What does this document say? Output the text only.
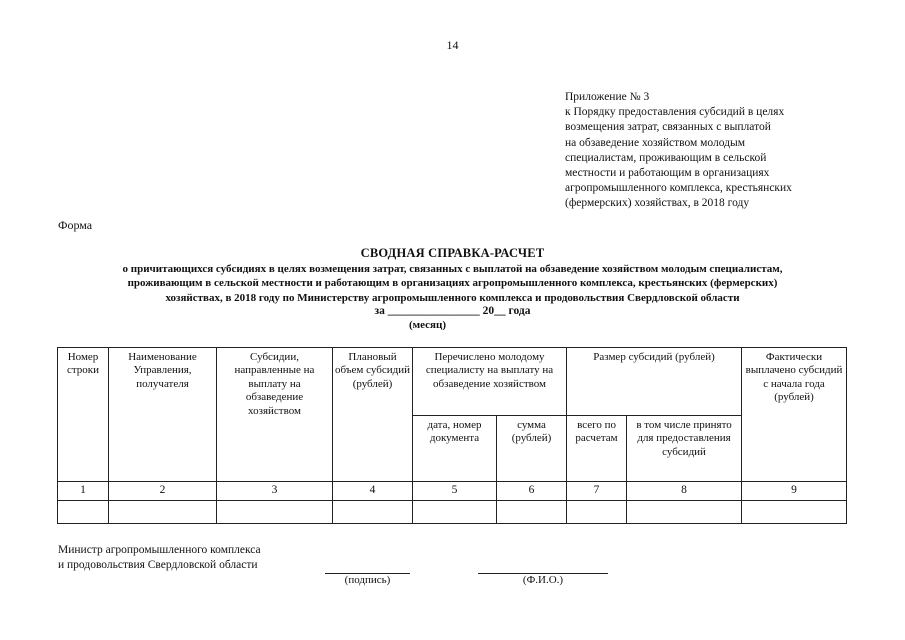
14
Приложение № 3
к Порядку предоставления субсидий в целях
возмещения затрат, связанных с выплатой
на обзаведение хозяйством молодым
специалистам, проживающим в сельской
местности и работающим в организациях
агропромышленного комплекса, крестьянских
(фермерских) хозяйствах, в 2018 году
Форма
СВОДНАЯ СПРАВКА-РАСЧЕТ
о причитающихся субсидиях в целях возмещения затрат, связанных с выплатой на обзаведение хозяйством молодым специалистам,
проживающим в сельской местности и работающим в организациях агропромышленного комплекса, крестьянских (фермерских)
хозяйствах, в 2018 году по Министерству агропромышленного комплекса и продовольствия Свердловской области
за ________________ 20__ года
(месяц)
Номер строки	Наименование Управления, получателя	Субсидии, направленные на выплату на обзаведение хозяйством	Плановый объем субсидий (рублей)	Перечислено молодому специалисту на выплату на обзаведение хозяйством		Размер субсидий (рублей)		Фактически выплачено субсидий с начала года (рублей)
				дата, номер документа	сумма (рублей)	всего по расчетам	в том числе принято для предоставления субсидий	
1	2	3	4	5	6	7	8	9

Министр агропромышленного комплекса
и продовольствия Свердловской области
(подпись)	(Ф.И.О.)
